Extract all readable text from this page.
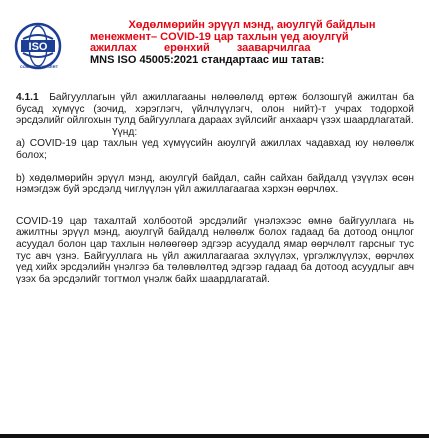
ISO
COMMISSION CERT
Хөдөлмөрийн эрүүл мэнд, аюулгүй байдлын
менежмент– COVID-19 цар тахлын үед аюулгүй
ажиллах ерөнхий зааварчилгаа
MNS ISO 45005:2021 стандартаас иш татав:

4.1.1 Байгууллагын үйл ажиллагааны нөлөөлөлд өртөж болзошгүй ажилтан ба бусад хүмүүс (зочид, хэрэглэгч, үйлчлүүлэгч, олон нийт)-т учрах тодорхой эрсдэлийг ойлгохын тулд байгууллага дараах зүйлсийг анхаарч үзэх шаардлагатай.

Үүнд:

а) COVID-19 цар тахлын үед хүмүүсийн аюулгүй ажиллах чадавхад юу нөлөөлж болох;

b) хөдөлмөрийн эрүүл мэнд, аюулгүй байдал, сайн сайхан байдалд үзүүлэх өсөн нэмэгдэж буй эрсдэлд чиглүүлэн үйл ажиллагаагаа хэрхэн өөрчлөх.

COVID-19 цар тахалтай холбоотой эрсдэлийг үнэлэхээс өмнө байгууллага нь ажилтны эрүүл мэнд, аюулгүй байдалд нөлөөлж болох гадаад ба дотоод онцлог асуудал болон цар тахлын нөлөөгөөр эдгээр асуудалд ямар өөрчлөлт гарсныг тус тус авч үзнэ. Байгууллага нь үйл ажиллагаагаа эхлүүлэх, үргэлжлүүлэх, өөрчлөх үед хийх эрсдэлийн үнэлгээ ба төлөвлөлтөд эдгээр гадаад ба дотоод асуудлыг авч үзэх ба эрсдэлийг тогтмол үнэлж байх шаардлагатай.
